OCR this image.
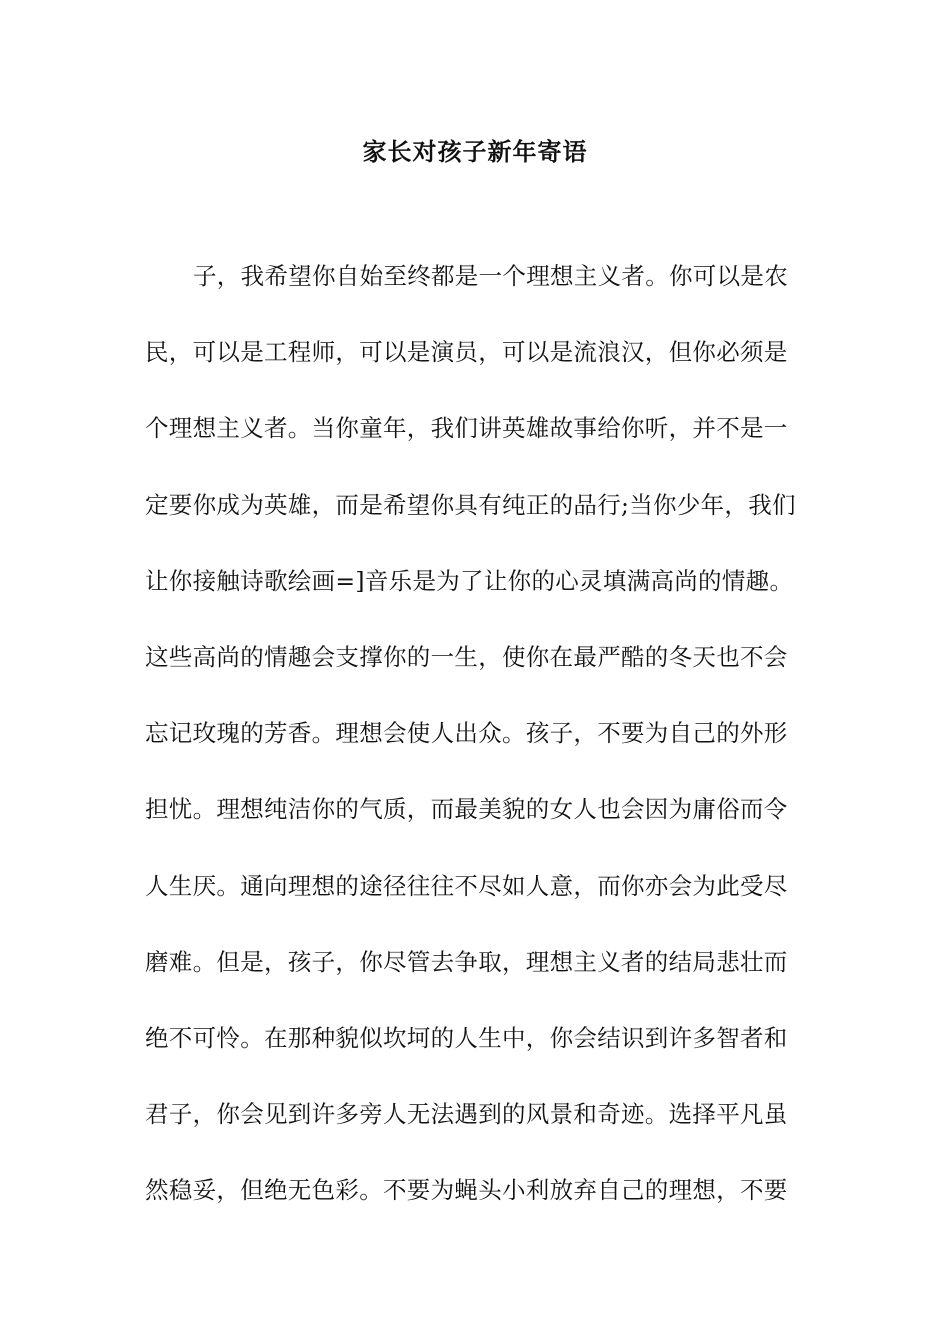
家长对孩子新年寄语
子，我希望你自始至终都是一个理想主义者。你可以是农
民，可以是工程师，可以是演员，可以是流浪汉，但你必须是
个理想主义者。当你童年，我们讲英雄故事给你听，并不是一
定要你成为英雄，而是希望你具有纯正的品行;当你少年，我们
让你接触诗歌绘画=]音乐是为了让你的心灵填满高尚的情趣。
这些高尚的情趣会支撑你的一生，使你在最严酷的冬天也不会
忘记玫瑰的芳香。理想会使人出众。孩子，不要为自己的外形
担忧。理想纯洁你的气质，而最美貌的女人也会因为庸俗而令
人生厌。通向理想的途径往往不尽如人意，而你亦会为此受尽
磨难。但是，孩子，你尽管去争取，理想主义者的结局悲壮而
绝不可怜。在那种貌似坎坷的人生中，你会结识到许多智者和
君子，你会见到许多旁人无法遇到的风景和奇迹。选择平凡虽
然稳妥，但绝无色彩。不要为蝇头小利放弃自己的理想，不要
